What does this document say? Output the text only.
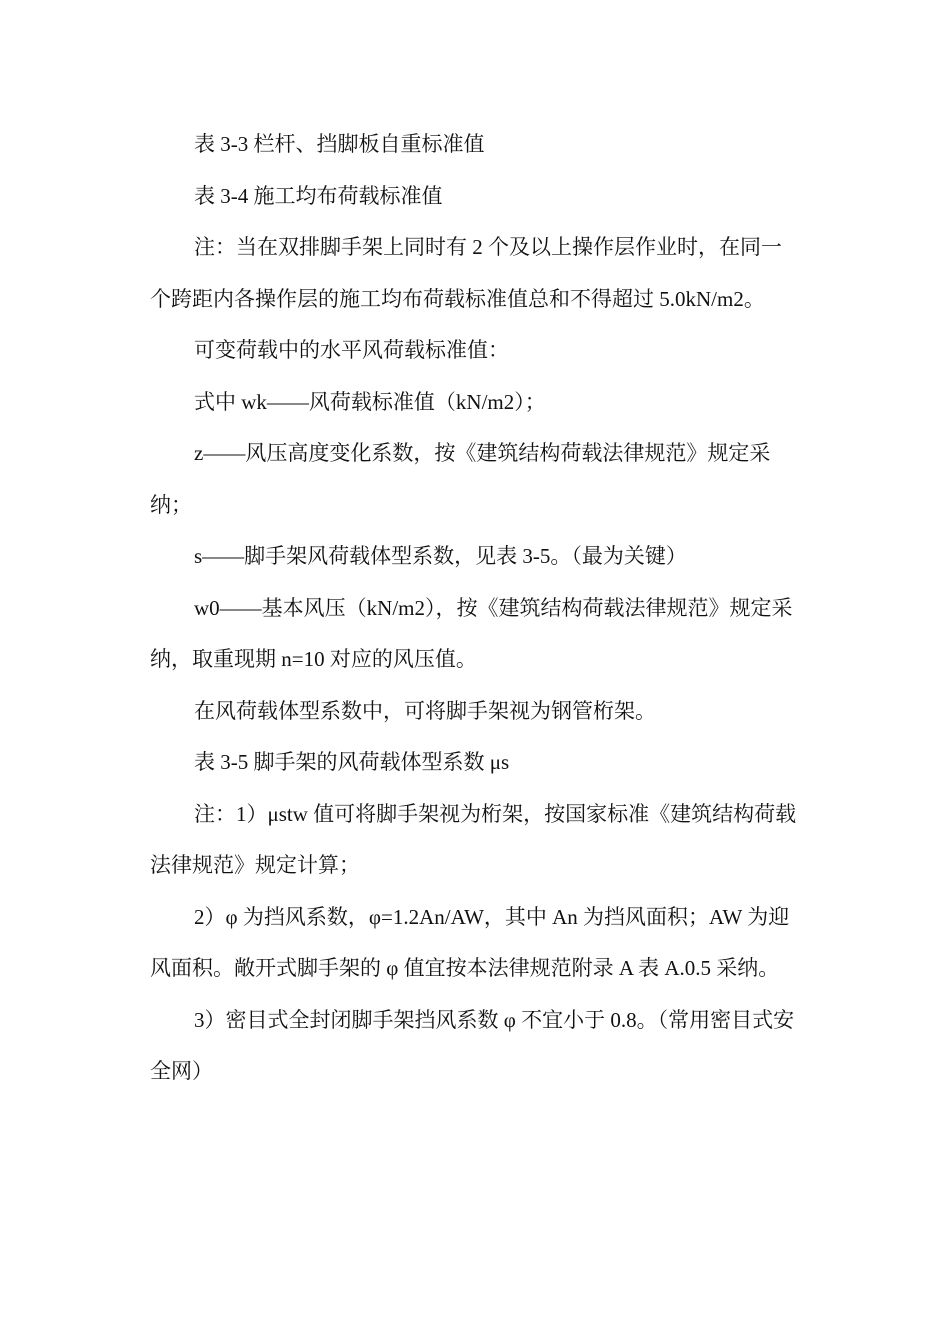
表 3-3 栏杆、挡脚板自重标准值

表 3-4 施工均布荷载标准值

注：当在双排脚手架上同时有 2 个及以上操作层作业时，在同一个跨距内各操作层的施工均布荷载标准值总和不得超过 5.0kN/m2。

可变荷载中的水平风荷载标准值：

式中 wk——风荷载标准值（kN/m2）；

z——风压高度变化系数，按《建筑结构荷载法律规范》规定采纳；

s——脚手架风荷载体型系数，见表 3-5。（最为关键）

w0——基本风压（kN/m2），按《建筑结构荷载法律规范》规定采纳，取重现期 n=10 对应的风压值。

在风荷载体型系数中，可将脚手架视为钢管桁架。

表 3-5 脚手架的风荷载体型系数 μs

注：1）μstw 值可将脚手架视为桁架，按国家标准《建筑结构荷载法律规范》规定计算；

2）φ 为挡风系数，φ=1.2An/AW，其中 An 为挡风面积；AW 为迎风面积。敞开式脚手架的 φ 值宜按本法律规范附录 A 表 A.0.5 采纳。

3）密目式全封闭脚手架挡风系数 φ 不宜小于 0.8。（常用密目式安全网）
